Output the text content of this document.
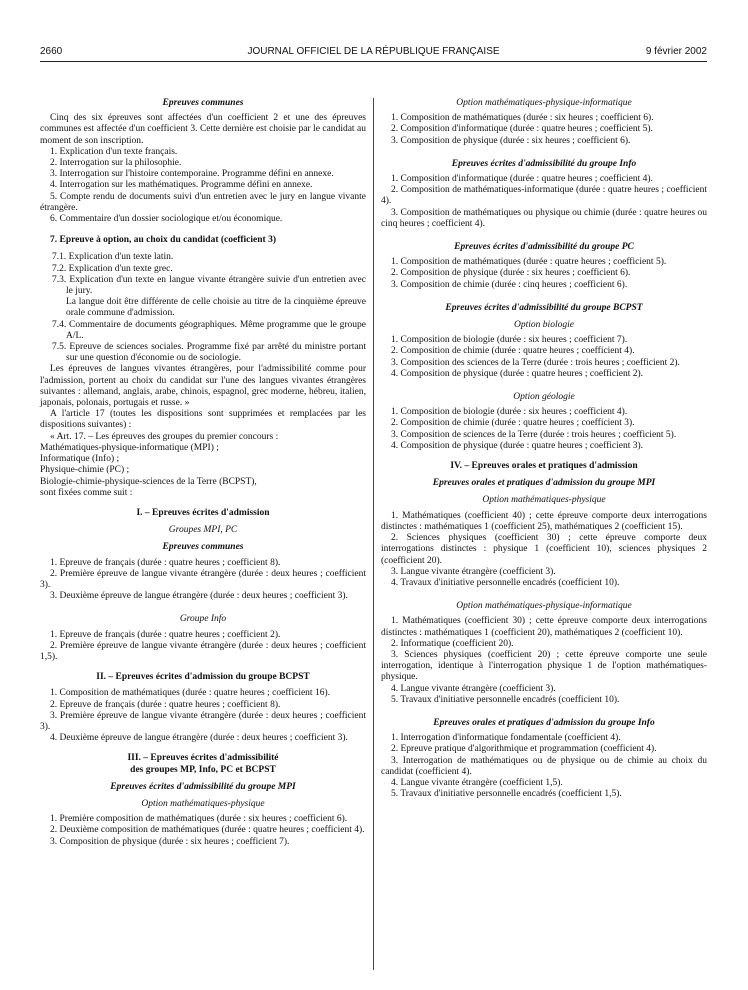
2660	JOURNAL OFFICIEL DE LA RÉPUBLIQUE FRANÇAISE	9 février 2002
Epreuves communes

Cinq des six épreuves sont affectées d'un coefficient 2 et une des épreuves communes est affectée d'un coefficient 3. Cette dernière est choisie par le candidat au moment de son inscription.

1. Explication d'un texte français.

2. Interrogation sur la philosophie.

3. Interrogation sur l'histoire contemporaine. Programme défini en annexe.

4. Interrogation sur les mathématiques. Programme défini en annexe.

5. Compte rendu de documents suivi d'un entretien avec le jury en langue vivante étrangère.

6. Commentaire d'un dossier sociologique et/ou économique.

7. Epreuve à option, au choix du candidat (coefficient 3)

7.1. Explication d'un texte latin.

7.2. Explication d'un texte grec.

7.3. Explication d'un texte en langue vivante étrangère suivie d'un entretien avec le jury.

La langue doit être différente de celle choisie au titre de la cinquième épreuve orale commune d'admission.

7.4. Commentaire de documents géographiques. Même programme que le groupe A/L.

7.5. Epreuve de sciences sociales. Programme fixé par arrêté du ministre portant sur une question d'économie ou de sociologie.

Les épreuves de langues vivantes étrangères, pour l'admissibilité comme pour l'admission, portent au choix du candidat sur l'une des langues vivantes étrangères suivantes : allemand, anglais, arabe, chinois, espagnol, grec moderne, hébreu, italien, japonais, polonais, portugais et russe. »

A l'article 17 (toutes les dispositions sont supprimées et remplacées par les dispositions suivantes) :

« Art. 17. – Les épreuves des groupes du premier concours :

Mathématiques-physique-informatique (MPI) ;

Informatique (Info) ;

Physique-chimie (PC) ;

Biologie-chimie-physique-sciences de la Terre (BCPST),

sont fixées comme suit :

I. – Epreuves écrites d'admission
Groupes MPI, PC
Epreuves communes

1. Epreuve de français (durée : quatre heures ; coefficient 8).

2. Première épreuve de langue vivante étrangère (durée : deux heures ; coefficient 3).

3. Deuxième épreuve de langue étrangère (durée : deux heures ; coefficient 3).

Groupe Info

1. Epreuve de français (durée : quatre heures ; coefficient 2).

2. Première épreuve de langue vivante étrangère (durée : deux heures ; coefficient 1,5).

II. – Epreuves écrites d'admission du groupe BCPST

1. Composition de mathématiques (durée : quatre heures ; coefficient 16).

2. Epreuve de français (durée : quatre heures ; coefficient 8).

3. Première épreuve de langue vivante étrangère (durée : deux heures ; coefficient 3).

4. Deuxième épreuve de langue étrangère (durée : deux heures ; coefficient 3).

III. – Epreuves écrites d'admissibilité
des groupes MP, Info, PC et BCPST
Epreuves écrites d'admissibilité du groupe MPI
Option mathématiques-physique

1. Première composition de mathématiques (durée : six heures ; coefficient 6).

2. Deuxième composition de mathématiques (durée : quatre heures ; coefficient 4).

3. Composition de physique (durée : six heures ; coefficient 7).

Option mathématiques-physique-informatique

1. Composition de mathématiques (durée : six heures ; coefficient 6).

2. Composition d'informatique (durée : quatre heures ; coefficient 5).

3. Composition de physique (durée : six heures ; coefficient 6).

Epreuves écrites d'admissibilité du groupe Info

1. Composition d'informatique (durée : quatre heures ; coefficient 4).

2. Composition de mathématiques-informatique (durée : quatre heures ; coefficient 4).

3. Composition de mathématiques ou physique ou chimie (durée : quatre heures ou cinq heures ; coefficient 4).

Epreuves écrites d'admissibilité du groupe PC

1. Composition de mathématiques (durée : quatre heures ; coefficient 5).

2. Composition de physique (durée : six heures ; coefficient 6).

3. Composition de chimie (durée : cinq heures ; coefficient 6).

Epreuves écrites d'admissibilité du groupe BCPST
Option biologie

1. Composition de biologie (durée : six heures ; coefficient 7).

2. Composition de chimie (durée : quatre heures ; coefficient 4).

3. Composition des sciences de la Terre (durée : trois heures ; coefficient 2).

4. Composition de physique (durée : quatre heures ; coefficient 2).

Option géologie

1. Composition de biologie (durée : six heures ; coefficient 4).

2. Composition de chimie (durée : quatre heures ; coefficient 3).

3. Composition de sciences de la Terre (durée : trois heures ; coefficient 5).

4. Composition de physique (durée : quatre heures ; coefficient 3).

IV. – Epreuves orales et pratiques d'admission
Epreuves orales et pratiques d'admission du groupe MPI
Option mathématiques-physique

1. Mathématiques (coefficient 40) ; cette épreuve comporte deux interrogations distinctes : mathématiques 1 (coefficient 25), mathématiques 2 (coefficient 15).

2. Sciences physiques (coefficient 30) ; cette épreuve comporte deux interrogations distinctes : physique 1 (coefficient 10), sciences physiques 2 (coefficient 20).

3. Langue vivante étrangère (coefficient 3).

4. Travaux d'initiative personnelle encadrés (coefficient 10).

Option mathématiques-physique-informatique

1. Mathématiques (coefficient 30) ; cette épreuve comporte deux interrogations distinctes : mathématiques 1 (coefficient 20), mathématiques 2 (coefficient 10).

2. Informatique (coefficient 20).

3. Sciences physiques (coefficient 20) ; cette épreuve comporte une seule interrogation, identique à l'interrogation physique 1 de l'option mathématiques-physique.

4. Langue vivante étrangère (coefficient 3).

5. Travaux d'initiative personnelle encadrés (coefficient 10).

Epreuves orales et pratiques d'admission du groupe Info

1. Interrogation d'informatique fondamentale (coefficient 4).

2. Epreuve pratique d'algorithmique et programmation (coefficient 4).

3. Interrogation de mathématiques ou de physique ou de chimie au choix du candidat (coefficient 4).

4. Langue vivante étrangère (coefficient 1,5).

5. Travaux d'initiative personnelle encadrés (coefficient 1,5).
